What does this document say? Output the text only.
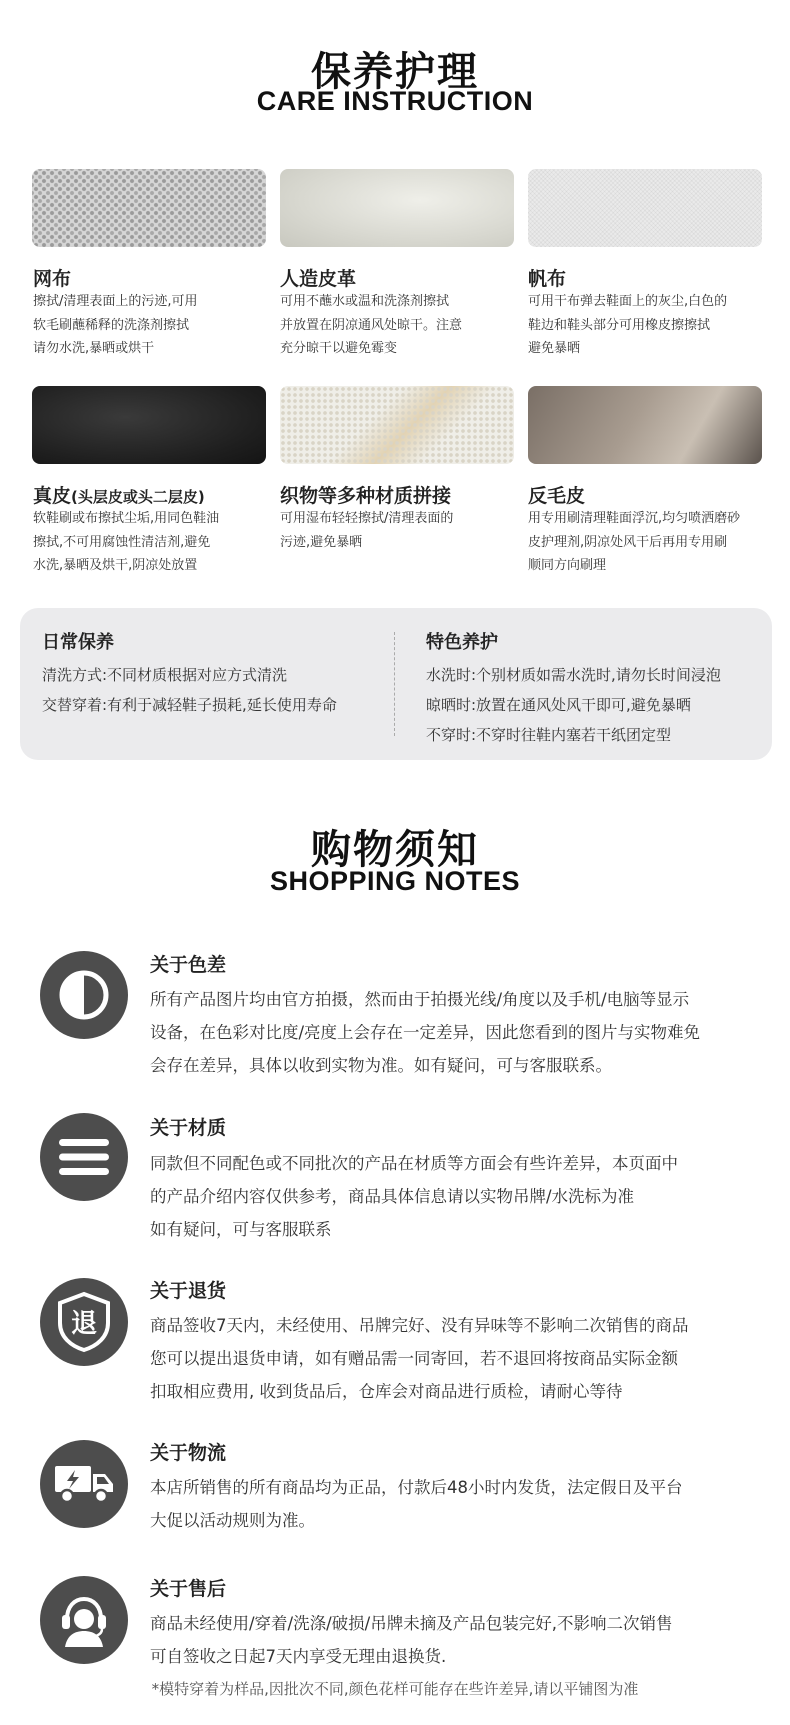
保养护理
CARE INSTRUCTION
网布
擦拭/清理表面上的污迹,可用
软毛刷蘸稀释的洗涤剂擦拭
请勿水洗,暴晒或烘干
人造皮革
可用不蘸水或温和洗涤剂擦拭
并放置在阴凉通风处晾干。注意
充分晾干以避免霉变
帆布
可用干布弹去鞋面上的灰尘,白色的
鞋边和鞋头部分可用橡皮擦擦拭
避免暴晒
真皮(头层皮或头二层皮)
软鞋刷或布擦拭尘垢,用同色鞋油
擦拭,不可用腐蚀性清洁剂,避免
水洗,暴晒及烘干,阴凉处放置
织物等多种材质拼接
可用湿布轻轻擦拭/清理表面的
污迹,避免暴晒
反毛皮
用专用刷清理鞋面浮沉,均匀喷洒磨砂
皮护理剂,阴凉处风干后再用专用刷
顺同方向刷理
日常保养
清洗方式:不同材质根据对应方式清洗
交替穿着:有利于减轻鞋子损耗,延长使用寿命
特色养护
水洗时:个别材质如需水洗时,请勿长时间浸泡
晾晒时:放置在通风处风干即可,避免暴晒
不穿时:不穿时往鞋内塞若干纸团定型
购物须知
SHOPPING NOTES
关于色差
所有产品图片均由官方拍摄，然而由于拍摄光线/角度以及手机/电脑等显示
设备，在色彩对比度/亮度上会存在一定差异，因此您看到的图片与实物难免
会存在差异，具体以收到实物为准。如有疑问，可与客服联系。
关于材质
同款但不同配色或不同批次的产品在材质等方面会有些许差异，本页面中
的产品介绍内容仅供参考，商品具体信息请以实物吊牌/水洗标为准
如有疑问，可与客服联系
退
关于退货
商品签收7天内，未经使用、吊牌完好、没有异味等不影响二次销售的商品
您可以提出退货申请，如有赠品需一同寄回，若不退回将按商品实际金额
扣取相应费用, 收到货品后，仓库会对商品进行质检，请耐心等待
关于物流
本店所销售的所有商品均为正品，付款后48小时内发货，法定假日及平台
大促以活动规则为准。
关于售后
商品未经使用/穿着/洗涤/破损/吊牌未摘及产品包装完好,不影响二次销售
可自签收之日起7天内享受无理由退换货.
*模特穿着为样品,因批次不同,颜色花样可能存在些许差异,请以平铺图为准
